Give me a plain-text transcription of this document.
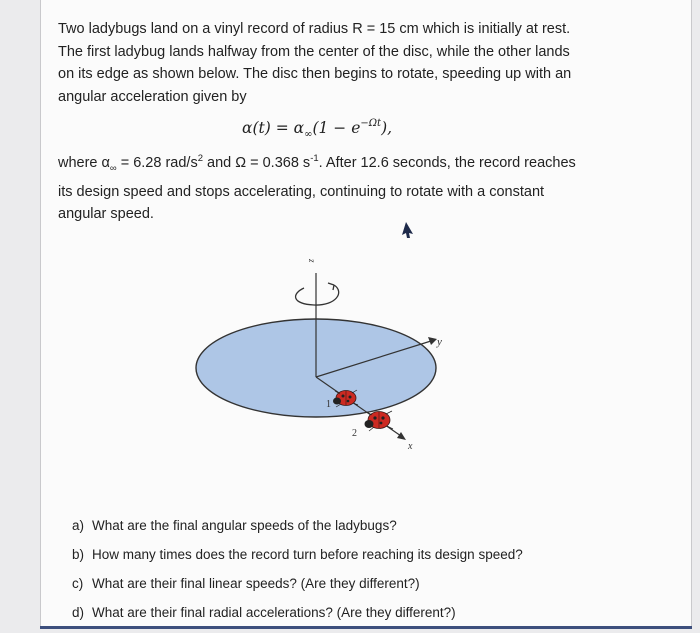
Two ladybugs land on a vinyl record of radius R = 15 cm which is initially at rest.
The first ladybug lands halfway from the center of the disc, while the other lands
on its edge as shown below. The disc then begins to rotate, speeding up with an
angular acceleration given by
$\alpha(t) = \alpha_\infty(1 - e^{-\Omega t})$,
where $\alpha_\infty = 6.28$ rad/$s^2$ and Ω = 0.368 $s^{-1}$. After 12.6 seconds, the record reaches
its design speed and stops accelerating, continuing to rotate with a constant
angular speed.
z
y
x
1
2
a) What are the final angular speeds of the ladybugs?
b) How many times does the record turn before reaching its design speed?
c) What are their final linear speeds? (Are they different?)
d) What are their final radial accelerations? (Are they different?)
